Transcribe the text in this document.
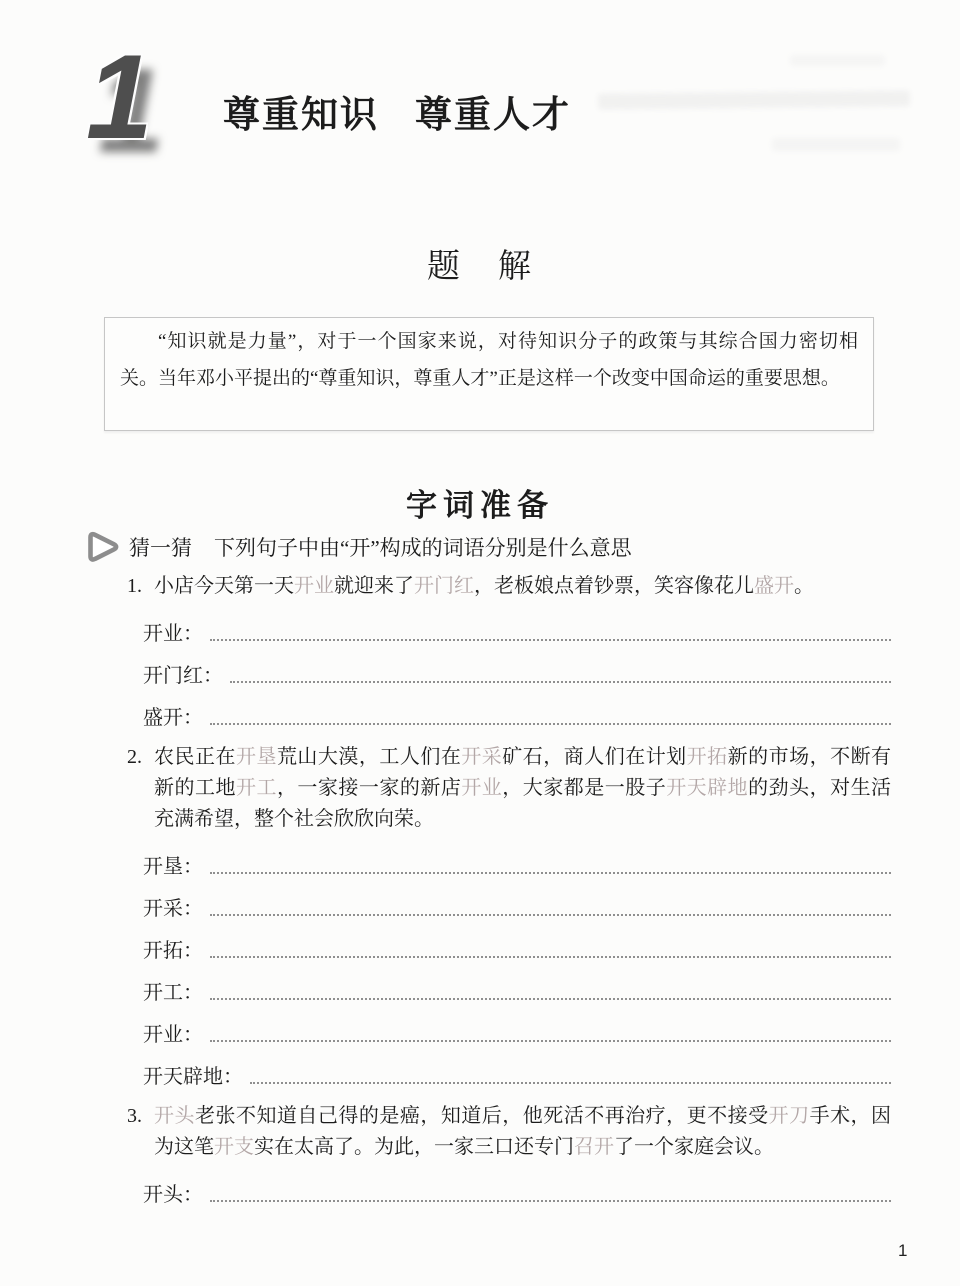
1 尊重知识 尊重人才
题 解

“知识就是力量”，对于一个国家来说，对待知识分子的政策与其综合国力密切相关。当年邓小平提出的“尊重知识，尊重人才”正是这样一个改变中国命运的重要思想。

字词准备
猜一猜 下列句子中由“开”构成的词语分别是什么意思
1. 小店今天第一天开业就迎来了开门红，老板娘点着钞票，笑容像花儿盛开。
开业：
开门红：
盛开：
2. 农民正在开垦荒山大漠，工人们在开采矿石，商人们在计划开拓新的市场，不断有新的工地开工，一家接一家的新店开业，大家都是一股子开天辟地的劲头，对生活充满希望，整个社会欣欣向荣。
开垦：
开采：
开拓：
开工：
开业：
开天辟地：
3. 开头老张不知道自己得的是癌，知道后，他死活不再治疗，更不接受开刀手术，因为这笔开支实在太高了。为此，一家三口还专门召开了一个家庭会议。
开头：
1
